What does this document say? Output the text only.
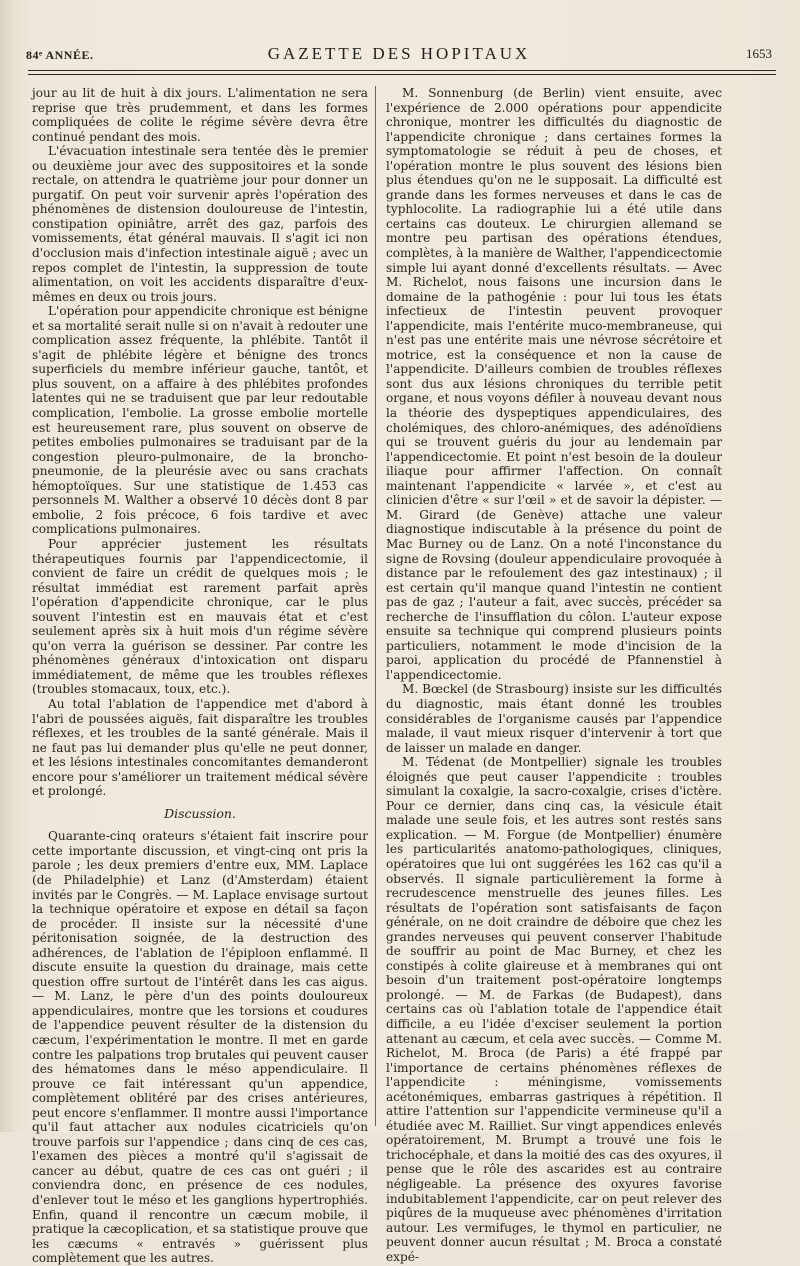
84ᵉ ANNÉE.	GAZETTE DES HOPITAUX	1653

jour au lit de huit à dix jours. L'alimentation ne sera reprise que très prudemment, et dans les formes compliquées de colite le régime sévère devra être continué pendant des mois.

L'évacuation intestinale sera tentée dès le premier ou deuxième jour avec des suppositoires et la sonde rectale, on attendra le quatrième jour pour donner un purgatif. On peut voir survenir après l'opération des phénomènes de distension douloureuse de l'intestin, constipation opiniâtre, arrêt des gaz, parfois des vomissements, état général mauvais. Il s'agit ici non d'occlusion mais d'infection intestinale aiguë ; avec un repos complet de l'intestin, la suppression de toute alimentation, on voit les accidents disparaître d'eux-mêmes en deux ou trois jours.

L'opération pour appendicite chronique est bénigne et sa mortalité serait nulle si on n'avait à redouter une complication assez fréquente, la phlébite. Tantôt il s'agit de phlébite légère et bénigne des troncs superficiels du membre inférieur gauche, tantôt, et plus souvent, on a affaire à des phlébites profondes latentes qui ne se traduisent que par leur redoutable complication, l'embolie. La grosse embolie mortelle est heureusement rare, plus souvent on observe de petites embolies pulmonaires se traduisant par de la congestion pleuro-pulmonaire, de la broncho-pneumonie, de la pleurésie avec ou sans crachats hémoptoïques. Sur une statistique de 1.453 cas personnels M. Walther a observé 10 décès dont 8 par embolie, 2 fois précoce, 6 fois tardive et avec complications pulmonaires.

Pour apprécier justement les résultats thérapeutiques fournis par l'appendicectomie, il convient de faire un crédit de quelques mois ; le résultat immédiat est rarement parfait après l'opération d'appendicite chronique, car le plus souvent l'intestin est en mauvais état et c'est seulement après six à huit mois d'un régime sévère qu'on verra la guérison se dessiner. Par contre les phénomènes généraux d'intoxication ont disparu immédiatement, de même que les troubles réflexes (troubles stomacaux, toux, etc.).

Au total l'ablation de l'appendice met d'abord à l'abri de poussées aiguës, fait disparaître les troubles réflexes, et les troubles de la santé générale. Mais il ne faut pas lui demander plus qu'elle ne peut donner, et les lésions intestinales concomitantes demanderont encore pour s'améliorer un traitement médical sévère et prolongé.

Discussion.

Quarante-cinq orateurs s'étaient fait inscrire pour cette importante discussion, et vingt-cinq ont pris la parole ; les deux premiers d'entre eux, MM. Laplace (de Philadelphie) et Lanz (d'Amsterdam) étaient invités par le Congrès. — M. Laplace envisage surtout la technique opératoire et expose en détail sa façon de procéder. Il insiste sur la nécessité d'une péritonisation soignée, de la destruction des adhérences, de l'ablation de l'épiploon enflammé. Il discute ensuite la question du drainage, mais cette question offre surtout de l'intérêt dans les cas aigus. — M. Lanz, le père d'un des points douloureux appendiculaires, montre que les torsions et coudures de l'appendice peuvent résulter de la distension du cæcum, l'expérimentation le montre. Il met en garde contre les palpations trop brutales qui peuvent causer des hématomes dans le méso appendiculaire. Il prouve ce fait intéressant qu'un appendice, complètement oblitéré par des crises antérieures, peut encore s'enflammer. Il montre aussi l'importance qu'il faut attacher aux nodules cicatriciels qu'on trouve parfois sur l'appendice ; dans cinq de ces cas, l'examen des pièces a montré qu'il s'agissait de cancer au début, quatre de ces cas ont guéri ; il conviendra donc, en présence de ces nodules, d'enlever tout le méso et les ganglions hypertrophiés. Enfin, quand il rencontre un cæcum mobile, il pratique la cæcoplication, et sa statistique prouve que les cæcums « entravés » guérissent plus complètement que les autres.

M. Sonnenburg (de Berlin) vient ensuite, avec l'expérience de 2.000 opérations pour appendicite chronique, montrer les difficultés du diagnostic de l'appendicite chronique ; dans certaines formes la symptomatologie se réduit à peu de choses, et l'opération montre le plus souvent des lésions bien plus étendues qu'on ne le supposait. La difficulté est grande dans les formes nerveuses et dans le cas de typhlocolite. La radiographie lui a été utile dans certains cas douteux. Le chirurgien allemand se montre peu partisan des opérations étendues, complètes, à la manière de Walther, l'appendicectomie simple lui ayant donné d'excellents résultats. — Avec M. Richelot, nous faisons une incursion dans le domaine de la pathogénie : pour lui tous les états infectieux de l'intestin peuvent provoquer l'appendicite, mais l'entérite muco-membraneuse, qui n'est pas une entérite mais une névrose sécrétoire et motrice, est la conséquence et non la cause de l'appendicite. D'ailleurs combien de troubles réflexes sont dus aux lésions chroniques du terrible petit organe, et nous voyons défiler à nouveau devant nous la théorie des dyspeptiques appendiculaires, des cholémiques, des chloro-anémiques, des adénoïdiens qui se trouvent guéris du jour au lendemain par l'appendicectomie. Et point n'est besoin de la douleur iliaque pour affirmer l'affection. On connaît maintenant l'appendicite « larvée », et c'est au clinicien d'être « sur l'œil » et de savoir la dépister. — M. Girard (de Genève) attache une valeur diagnostique indiscutable à la présence du point de Mac Burney ou de Lanz. On a noté l'inconstance du signe de Rovsing (douleur appendiculaire provoquée à distance par le refoulement des gaz intestinaux) ; il est certain qu'il manque quand l'intestin ne contient pas de gaz ; l'auteur a fait, avec succès, précéder sa recherche de l'insufflation du côlon. L'auteur expose ensuite sa technique qui comprend plusieurs points particuliers, notamment le mode d'incision de la paroi, application du procédé de Pfannenstiel à l'appendicectomie.

M. Bœckel (de Strasbourg) insiste sur les difficultés du diagnostic, mais étant donné les troubles considérables de l'organisme causés par l'appendice malade, il vaut mieux risquer d'intervenir à tort que de laisser un malade en danger.

M. Tédenat (de Montpellier) signale les troubles éloignés que peut causer l'appendicite : troubles simulant la coxalgie, la sacro-coxalgie, crises d'ictère. Pour ce dernier, dans cinq cas, la vésicule était malade une seule fois, et les autres sont restés sans explication. — M. Forgue (de Montpellier) énumère les particularités anatomo-pathologiques, cliniques, opératoires que lui ont suggérées les 162 cas qu'il a observés. Il signale particulièrement la forme à recrudescence menstruelle des jeunes filles. Les résultats de l'opération sont satisfaisants de façon générale, on ne doit craindre de déboire que chez les grandes nerveuses qui peuvent conserver l'habitude de souffrir au point de Mac Burney, et chez les constipés à colite glaireuse et à membranes qui ont besoin d'un traitement post-opératoire longtemps prolongé. — M. de Farkas (de Budapest), dans certains cas où l'ablation totale de l'appendice était difficile, a eu l'idée d'exciser seulement la portion attenant au cæcum, et cela avec succès. — Comme M. Richelot, M. Broca (de Paris) a été frappé par l'importance de certains phénomènes réflexes de l'appendicite : méningisme, vomissements acétonémiques, embarras gastriques à répétition. Il attire l'attention sur l'appendicite vermineuse qu'il a étudiée avec M. Railliet. Sur vingt appendices enlevés opératoirement, M. Brumpt a trouvé une fois le trichocéphale, et dans la moitié des cas des oxyures, il pense que le rôle des ascarides est au contraire négligeable. La présence des oxyures favorise indubitablement l'appendicite, car on peut relever des piqûres de la muqueuse avec phénomènes d'irritation autour. Les vermifuges, le thymol en particulier, ne peuvent donner aucun résultat ; M. Broca a constaté expé-
